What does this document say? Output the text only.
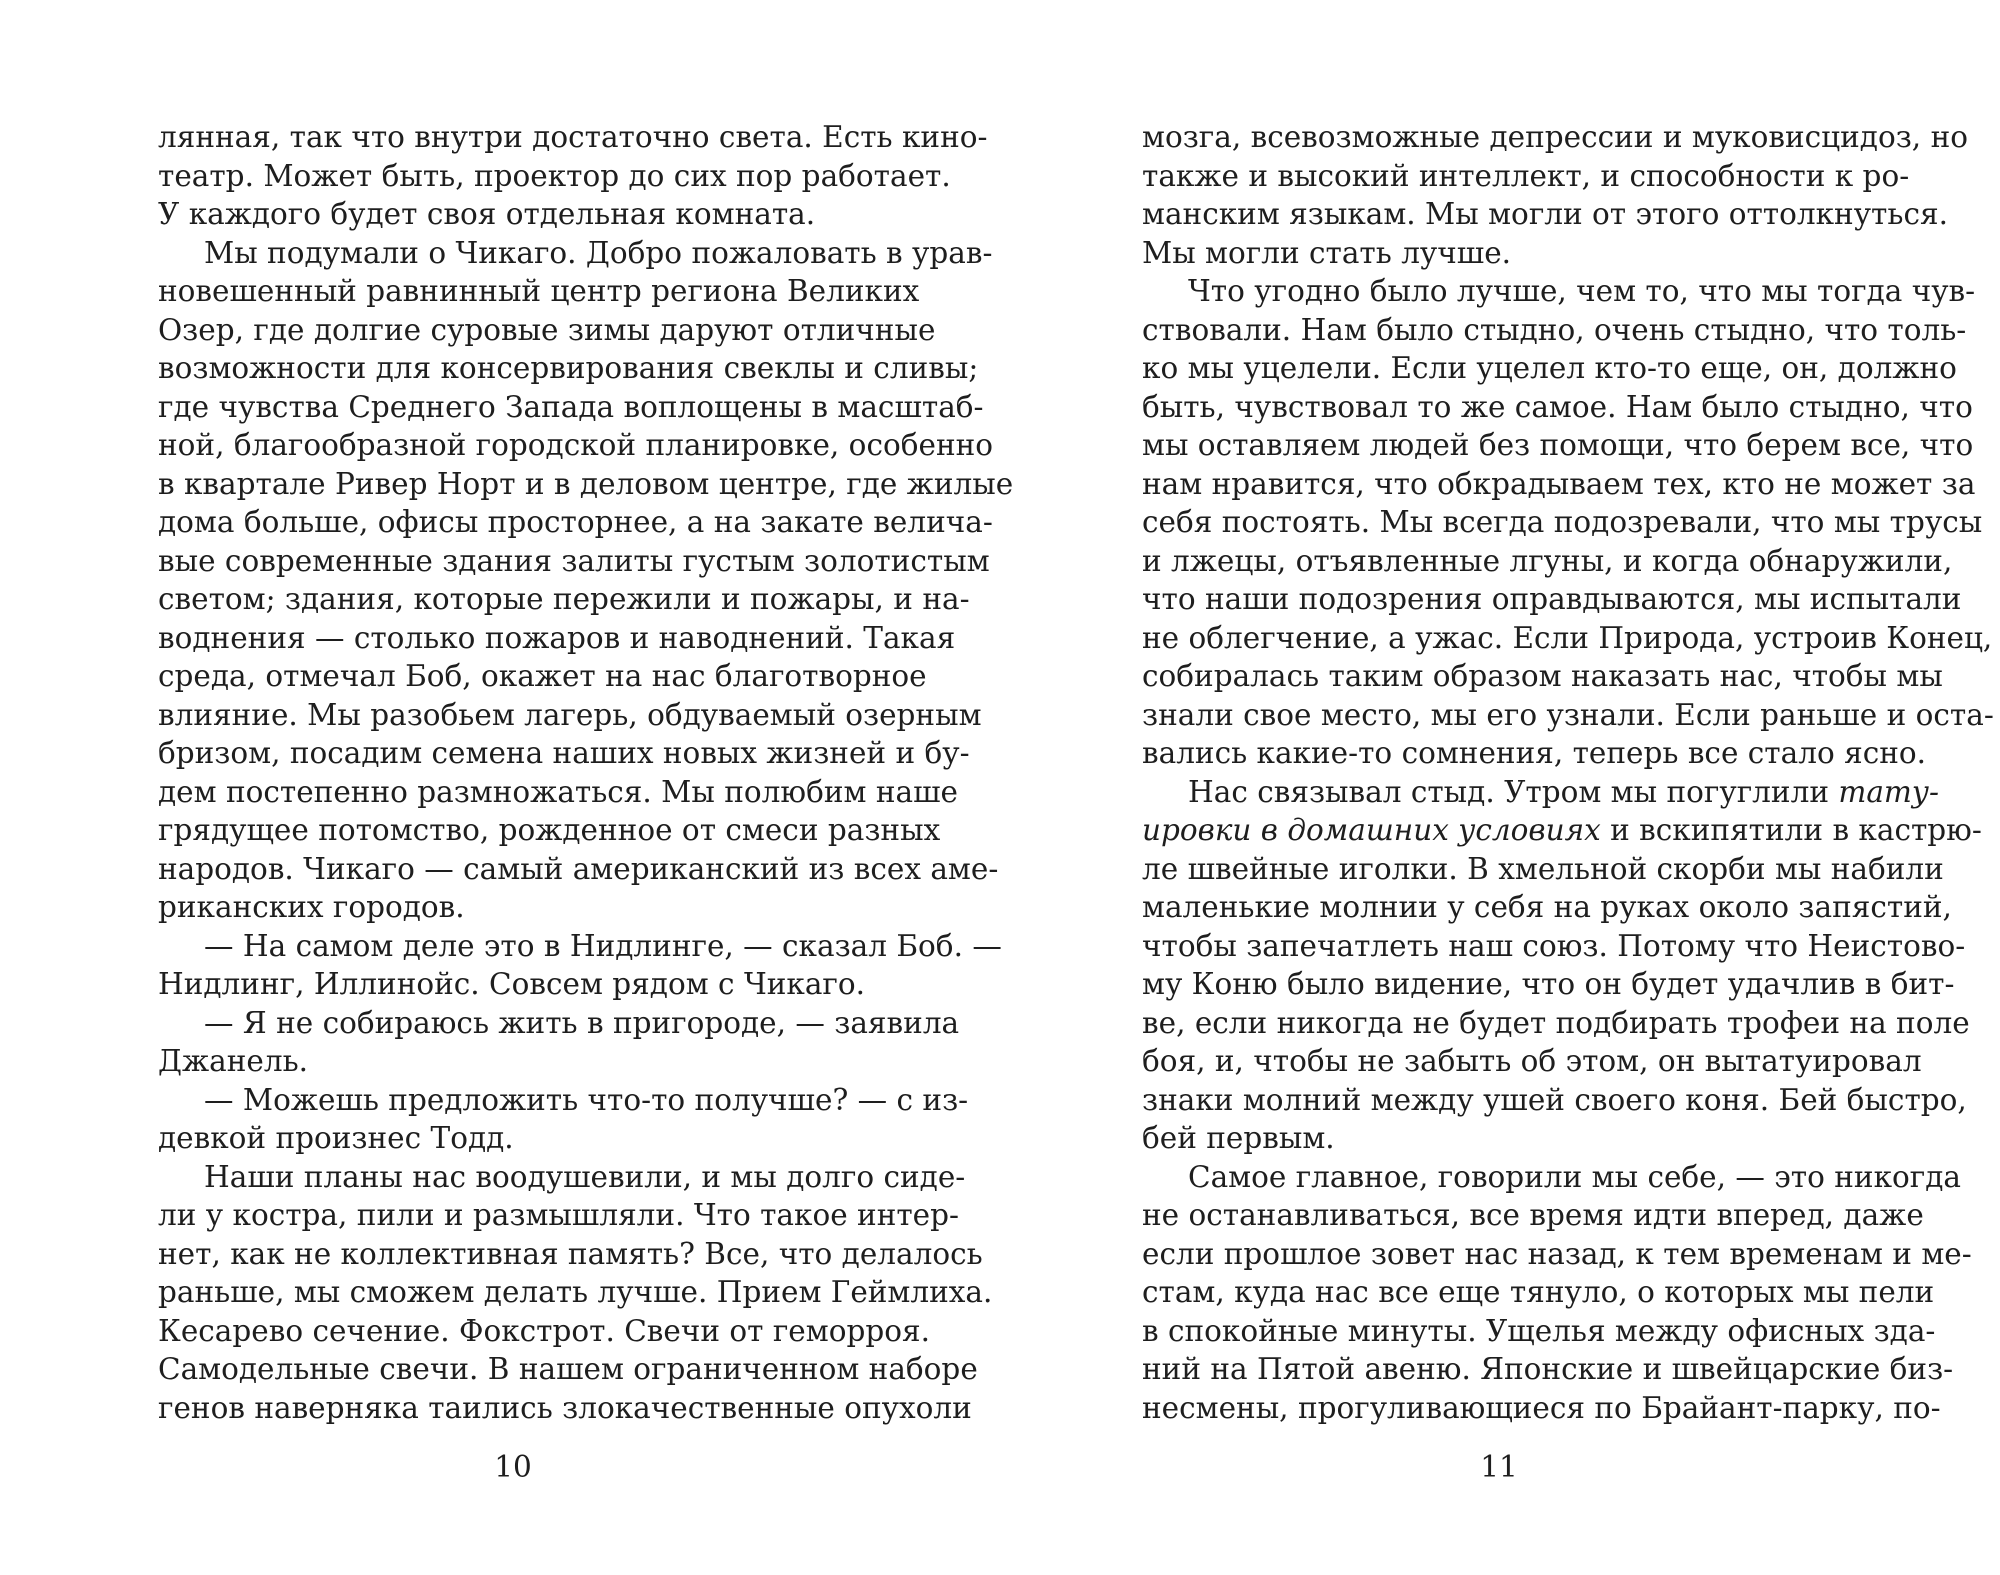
лянная, так что внутри достаточно света. Есть кино-
театр. Может быть, проектор до сих пор работает.
У каждого будет своя отдельная комната.
Мы подумали о Чикаго. Добро пожаловать в урав-
новешенный равнинный центр региона Великих
Озер, где долгие суровые зимы даруют отличные
возможности для консервирования свеклы и сливы;
где чувства Среднего Запада воплощены в масштаб-
ной, благообразной городской планировке, особенно
в квартале Ривер Норт и в деловом центре, где жилые
дома больше, офисы просторнее, а на закате велича-
вые современные здания залиты густым золотистым
светом; здания, которые пережили и пожары, и на-
воднения — столько пожаров и наводнений. Такая
среда, отмечал Боб, окажет на нас благотворное
влияние. Мы разобьем лагерь, обдуваемый озерным
бризом, посадим семена наших новых жизней и бу-
дем постепенно размножаться. Мы полюбим наше
грядущее потомство, рожденное от смеси разных
народов. Чикаго — самый американский из всех аме-
риканских городов.
— На самом деле это в Нидлинге, — сказал Боб. —
Нидлинг, Иллинойс. Совсем рядом с Чикаго.
— Я не собираюсь жить в пригороде, — заявила
Джанель.
— Можешь предложить что-то получше? — с из-
девкой произнес Тодд.
Наши планы нас воодушевили, и мы долго сиде-
ли у костра, пили и размышляли. Что такое интер-
нет, как не коллективная память? Все, что делалось
раньше, мы сможем делать лучше. Прием Геймлиха.
Кесарево сечение. Фокстрот. Свечи от геморроя.
Самодельные свечи. В нашем ограниченном наборе
генов наверняка таились злокачественные опухоли
10
мозга, всевозможные депрессии и муковисцидоз, но
также и высокий интеллект, и способности к ро-
манским языкам. Мы могли от этого оттолкнуться.
Мы могли стать лучше.
Что угодно было лучше, чем то, что мы тогда чув-
ствовали. Нам было стыдно, очень стыдно, что толь-
ко мы уцелели. Если уцелел кто-то еще, он, должно
быть, чувствовал то же самое. Нам было стыдно, что
мы оставляем людей без помощи, что берем все, что
нам нравится, что обкрадываем тех, кто не может за
себя постоять. Мы всегда подозревали, что мы трусы
и лжецы, отъявленные лгуны, и когда обнаружили,
что наши подозрения оправдываются, мы испытали
не облегчение, а ужас. Если Природа, устроив Конец,
собиралась таким образом наказать нас, чтобы мы
знали свое место, мы его узнали. Если раньше и оста-
вались какие-то сомнения, теперь все стало ясно.
Нас связывал стыд. Утром мы погуглили тату-
ировки в домашних условиях и вскипятили в кастрю-
ле швейные иголки. В хмельной скорби мы набили
маленькие молнии у себя на руках около запястий,
чтобы запечатлеть наш союз. Потому что Неистово-
му Коню было видение, что он будет удачлив в бит-
ве, если никогда не будет подбирать трофеи на поле
боя, и, чтобы не забыть об этом, он вытатуировал
знаки молний между ушей своего коня. Бей быстро,
бей первым.
Самое главное, говорили мы себе, — это никогда
не останавливаться, все время идти вперед, даже
если прошлое зовет нас назад, к тем временам и ме-
стам, куда нас все еще тянуло, о которых мы пели
в спокойные минуты. Ущелья между офисных зда-
ний на Пятой авеню. Японские и швейцарские биз-
несмены, прогуливающиеся по Брайант-парку, по-
11
